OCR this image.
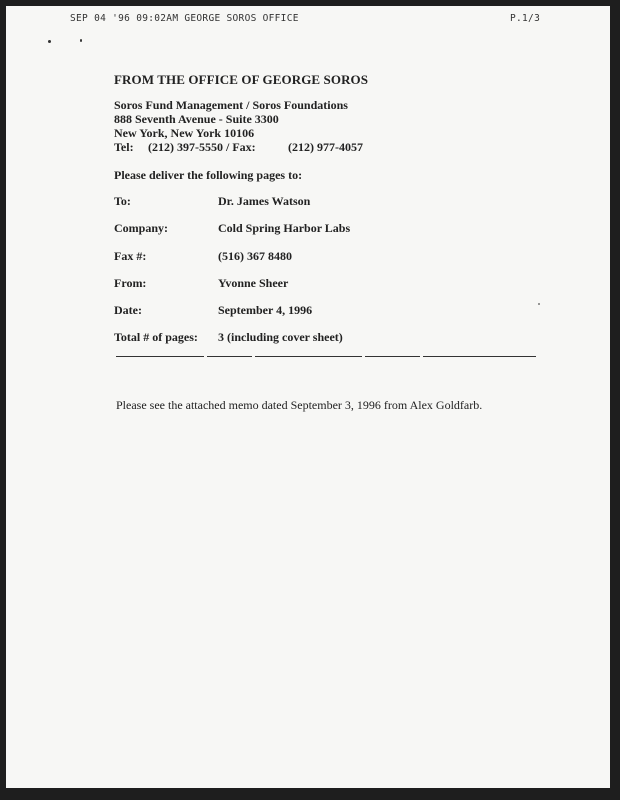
SEP 04 '96 09:02AM GEORGE SOROS OFFICE	P.1/3
FROM THE OFFICE OF GEORGE SOROS
Soros Fund Management / Soros Foundations
888 Seventh Avenue - Suite 3300
New York, New York 10106
Tel: (212) 397-5550 / Fax:	(212) 977-4057
Please deliver the following pages to:
To:	Dr. James Watson
Company:	Cold Spring Harbor Labs
Fax #:	(516) 367 8480
From:	Yvonne Sheer
Date:	September 4, 1996
Total # of pages: 3 (including cover sheet)
Please see the attached memo dated September 3, 1996 from Alex Goldfarb.
